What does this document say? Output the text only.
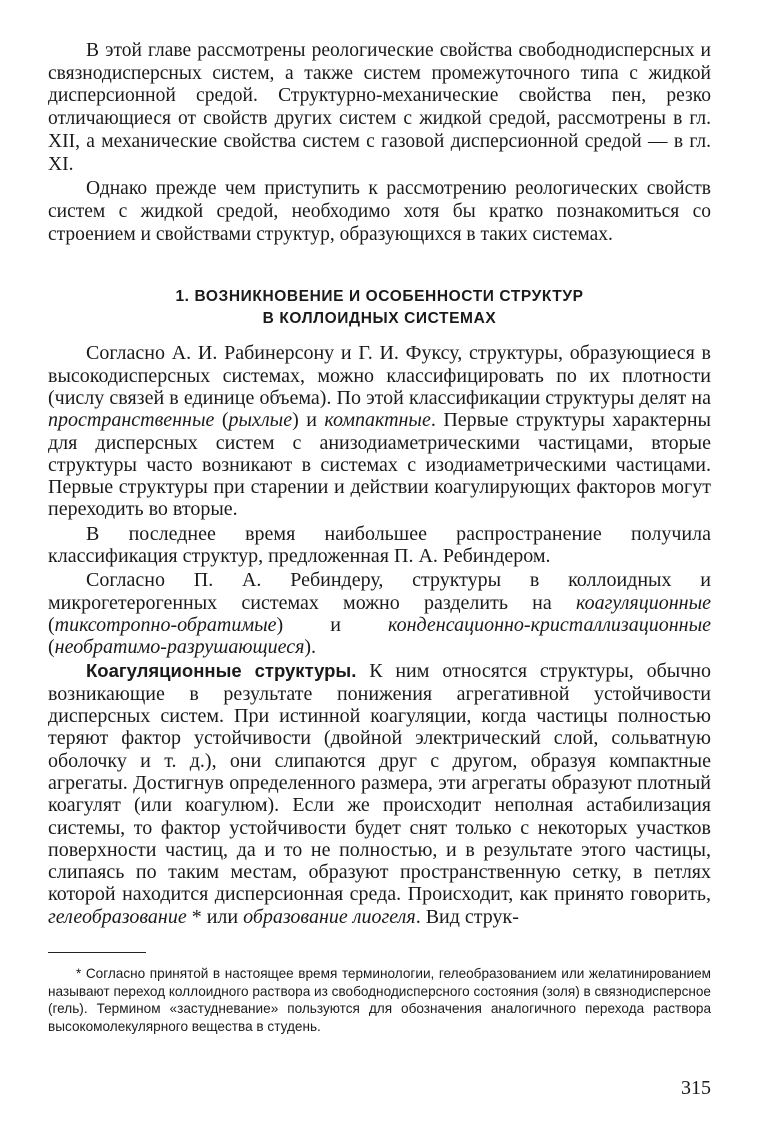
В этой главе рассмотрены реологические свойства свободнодисперсных и связнодисперсных систем, а также систем промежуточного типа с жидкой дисперсионной средой. Структурно-механические свойства пен, резко отличающиеся от свойств других систем с жидкой средой, рассмотрены в гл. XII, а механические свойства систем с газовой дисперсионной средой — в гл. XI.

Однако прежде чем приступить к рассмотрению реологических свойств систем с жидкой средой, необходимо хотя бы кратко познакомиться со строением и свойствами структур, образующихся в таких системах.

1. ВОЗНИКНОВЕНИЕ И ОСОБЕННОСТИ СТРУКТУР
В КОЛЛОИДНЫХ СИСТЕМАХ

Согласно А. И. Рабинерсону и Г. И. Фуксу, структуры, образующиеся в высокодисперсных системах, можно классифицировать по их плотности (числу связей в единице объема). По этой классификации структуры делят на пространственные (рыхлые) и компактные. Первые структуры характерны для дисперсных систем с анизодиаметрическими частицами, вторые структуры часто возникают в системах с изодиаметрическими частицами. Первые структуры при старении и действии коагулирующих факторов могут переходить во вторые.

В последнее время наибольшее распространение получила классификация структур, предложенная П. А. Ребиндером.

Согласно П. А. Ребиндеру, структуры в коллоидных и микрогетерогенных системах можно разделить на коагуляционные (тиксотропно-обратимые) и конденсационно-кристаллизационные (необратимо-разрушающиеся).

Коагуляционные структуры. К ним относятся структуры, обычно возникающие в результате понижения агрегативной устойчивости дисперсных систем. При истинной коагуляции, когда частицы полностью теряют фактор устойчивости (двойной электрический слой, сольватную оболочку и т. д.), они слипаются друг с другом, образуя компактные агрегаты. Достигнув определенного размера, эти агрегаты образуют плотный коагулят (или коагулюм). Если же происходит неполная астабилизация системы, то фактор устойчивости будет снят только с некоторых участков поверхности частиц, да и то не полностью, и в результате этого частицы, слипаясь по таким местам, образуют пространственную сетку, в петлях которой находится дисперсионная среда. Происходит, как принято говорить, гелеобразование * или образование лиогеля. Вид струк-

* Согласно принятой в настоящее время терминологии, гелеобразованием или желатинированием называют переход коллоидного раствора из свободнодисперсного состояния (золя) в связнодисперсное (гель). Термином «застудневание» пользуются для обозначения аналогичного перехода раствора высокомолекулярного вещества в студень.

315
